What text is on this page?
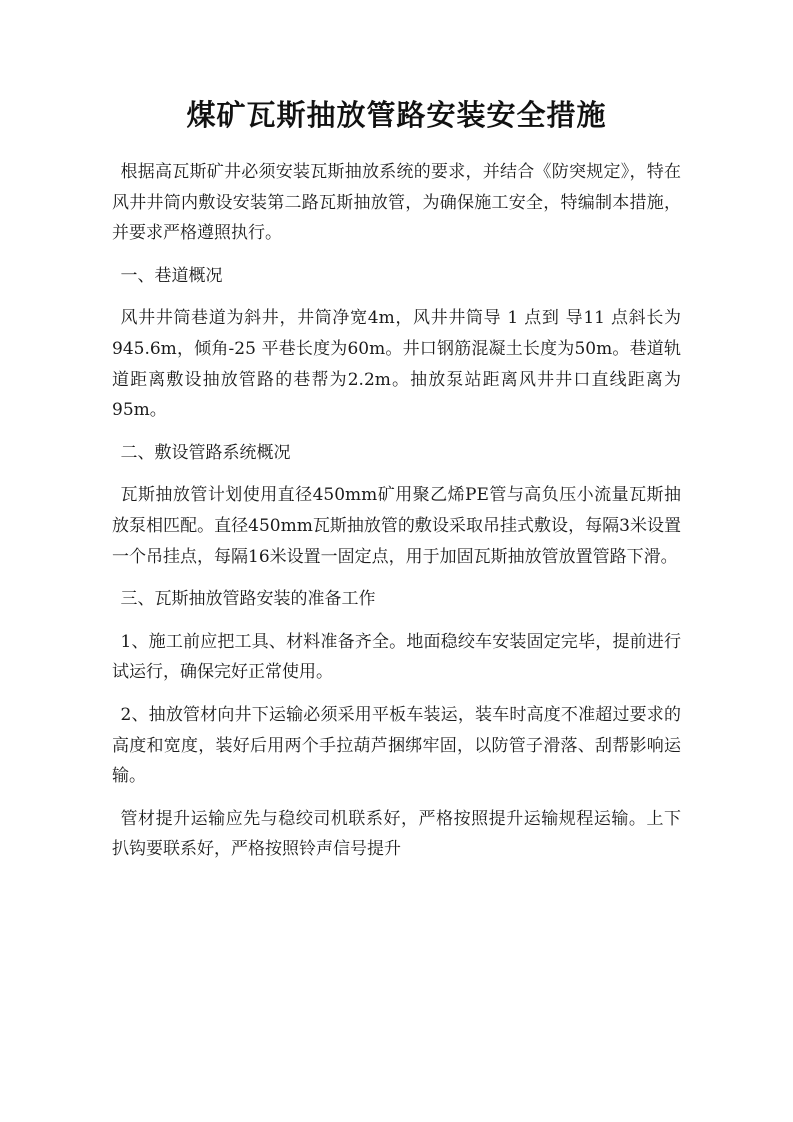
煤矿瓦斯抽放管路安装安全措施

根据高瓦斯矿井必须安装瓦斯抽放系统的要求，并结合《防突规定》，特在风井井筒内敷设安装第二路瓦斯抽放管，为确保施工安全，特编制本措施，并要求严格遵照执行。

一、巷道概况

风井井筒巷道为斜井，井筒净宽4m，风井井筒导 1 点到 导11 点斜长为945.6m，倾角-25 平巷长度为60m。井口钢筋混凝土长度为50m。巷道轨道距离敷设抽放管路的巷帮为2.2m。抽放泵站距离风井井口直线距离为95m。

二、敷设管路系统概况

瓦斯抽放管计划使用直径450mm矿用聚乙烯PE管与高负压小流量瓦斯抽放泵相匹配。直径450mm瓦斯抽放管的敷设采取吊挂式敷设，每隔3米设置一个吊挂点，每隔16米设置一固定点，用于加固瓦斯抽放管放置管路下滑。

三、瓦斯抽放管路安装的准备工作

1、施工前应把工具、材料准备齐全。地面稳绞车安装固定完毕，提前进行试运行，确保完好正常使用。

2、抽放管材向井下运输必须采用平板车装运，装车时高度不准超过要求的高度和宽度，装好后用两个手拉葫芦捆绑牢固，以防管子滑落、刮帮影响运输。

管材提升运输应先与稳绞司机联系好，严格按照提升运输规程运输。上下扒钩要联系好，严格按照铃声信号提升
